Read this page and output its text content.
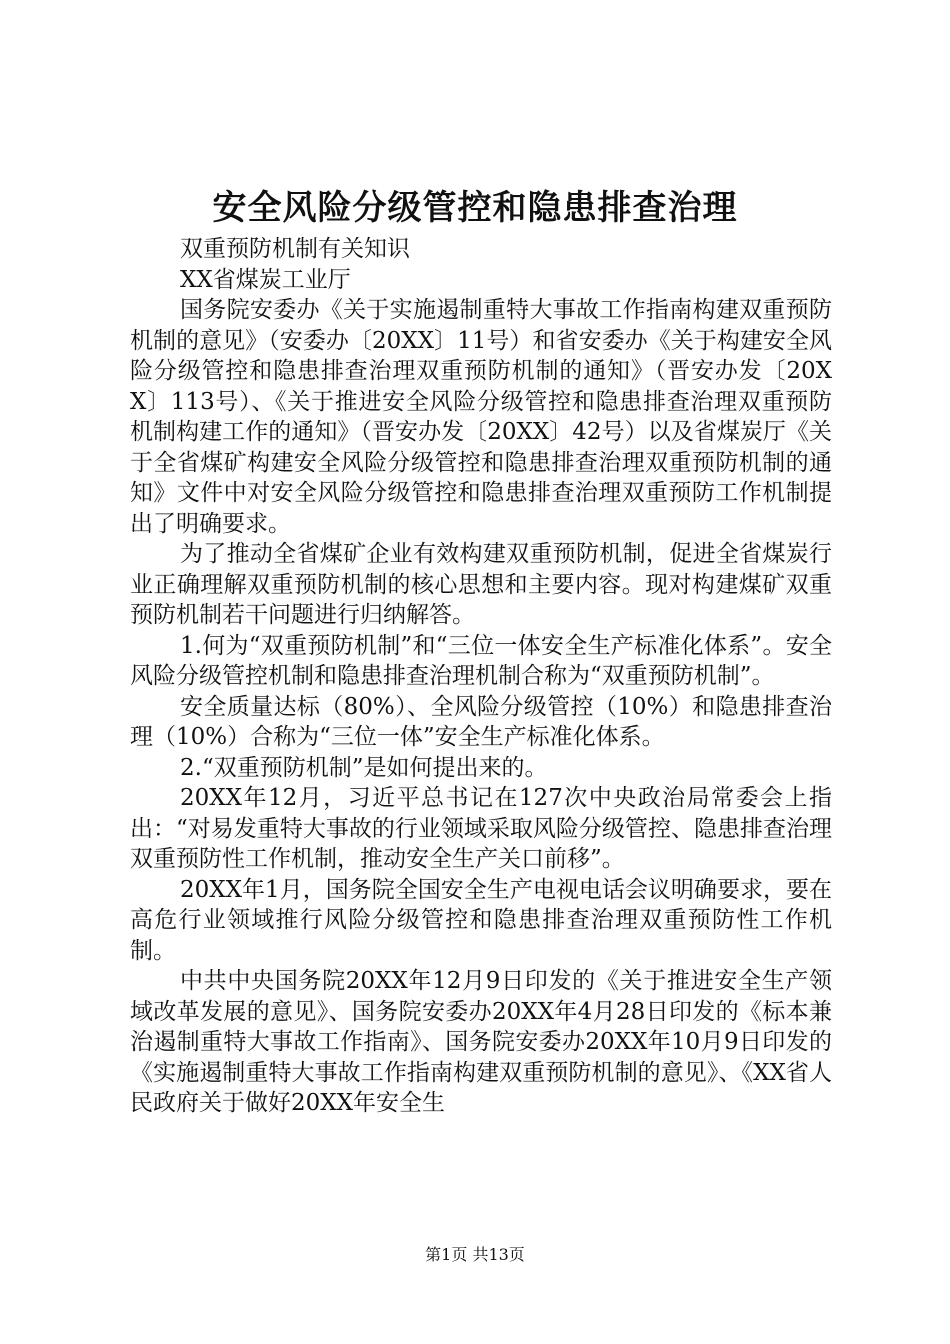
安全风险分级管控和隐患排查治理

双重预防机制有关知识

XX省煤炭工业厅

国务院安委办《关于实施遏制重特大事故工作指南构建双重预防机制的意见》（安委办〔20XX〕11号）和省安委办《关于构建安全风险分级管控和隐患排查治理双重预防机制的通知》（晋安办发〔20XX〕113号）、《关于推进安全风险分级管控和隐患排查治理双重预防机制构建工作的通知》（晋安办发〔20XX〕42号）以及省煤炭厅《关于全省煤矿构建安全风险分级管控和隐患排查治理双重预防机制的通知》文件中对安全风险分级管控和隐患排查治理双重预防工作机制提出了明确要求。

为了推动全省煤矿企业有效构建双重预防机制，促进全省煤炭行业正确理解双重预防机制的核心思想和主要内容。现对构建煤矿双重预防机制若干问题进行归纳解答。

1.何为“双重预防机制”和“三位一体安全生产标准化体系”。安全风险分级管控机制和隐患排查治理机制合称为“双重预防机制”。

安全质量达标（80%）、全风险分级管控（10%）和隐患排查治理（10%）合称为“三位一体”安全生产标准化体系。

2.“双重预防机制”是如何提出来的。

20XX年12月，习近平总书记在127次中央政治局常委会上指出：“对易发重特大事故的行业领域采取风险分级管控、隐患排查治理双重预防性工作机制，推动安全生产关口前移”。

20XX年1月，国务院全国安全生产电视电话会议明确要求，要在高危行业领域推行风险分级管控和隐患排查治理双重预防性工作机制。

中共中央国务院20XX年12月9日印发的《关于推进安全生产领域改革发展的意见》、国务院安委办20XX年4月28日印发的《标本兼治遏制重特大事故工作指南》、国务院安委办20XX年10月9日印发的《实施遏制重特大事故工作指南构建双重预防机制的意见》、《XX省人民政府关于做好20XX年安全生

第1页 共13页
